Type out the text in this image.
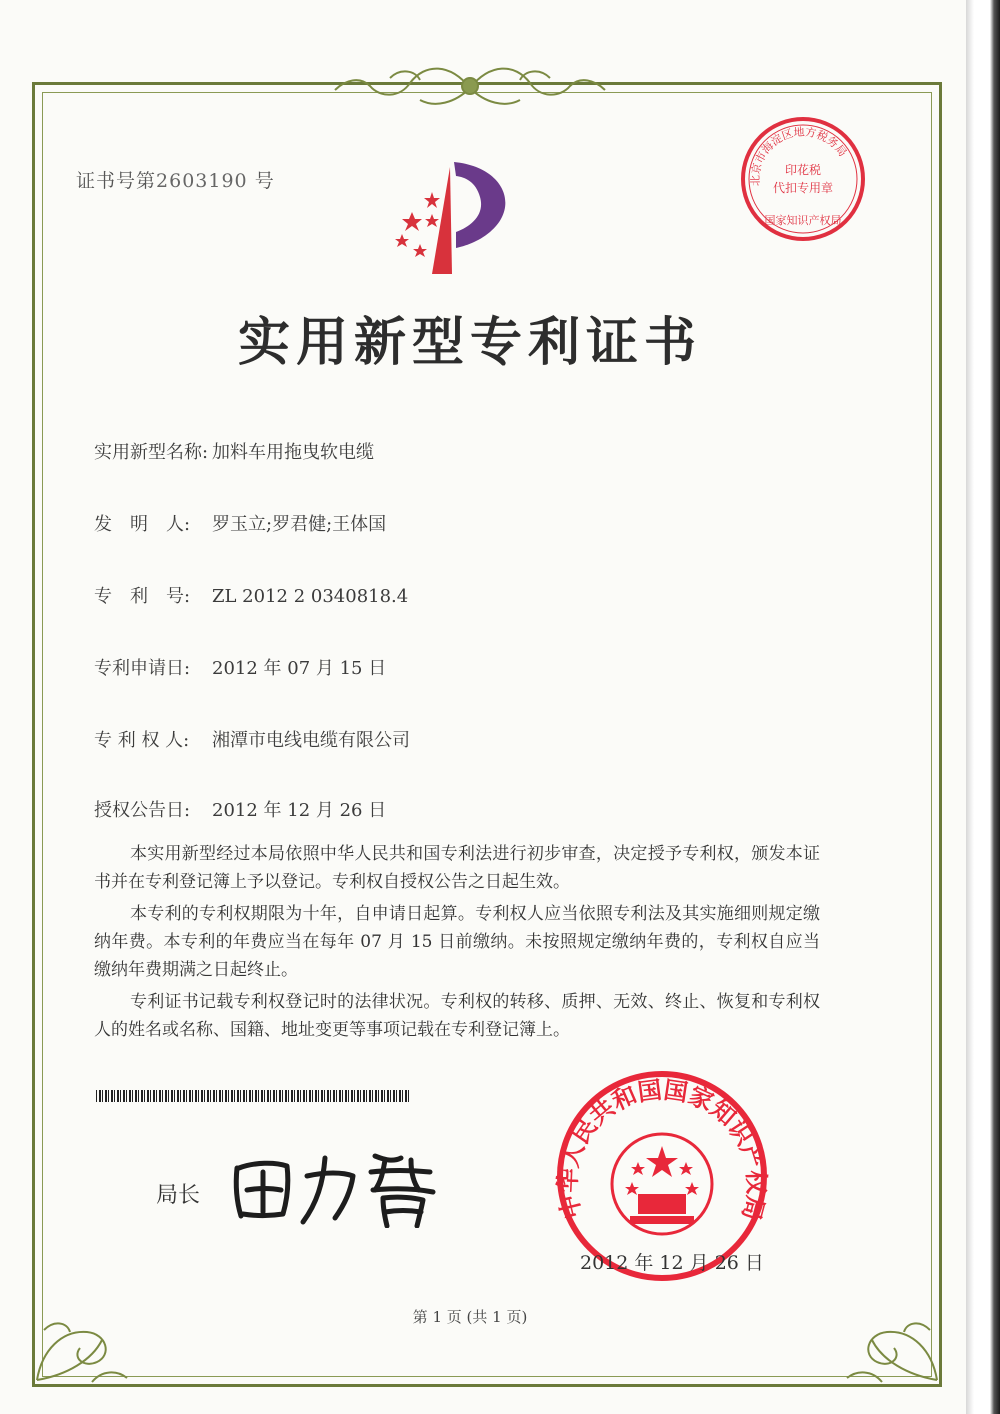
证书号第2603190 号	北京市海淀区地方税务局
印花税
代扣专用章
国家知识产权局
实用新型专利证书
实用新型名称: 加料车用拖曳软电缆
发　明　人: 罗玉立;罗君健;王体国
专　利　号: ZL 2012 2 0340818.4
专利申请日: 2012 年 07 月 15 日
专 利 权 人: 湘潭市电线电缆有限公司
授权公告日: 2012 年 12 月 26 日

本实用新型经过本局依照中华人民共和国专利法进行初步审查，决定授予专利权，颁发本证书并在专利登记簿上予以登记。专利权自授权公告之日起生效。

本专利的专利权期限为十年，自申请日起算。专利权人应当依照专利法及其实施细则规定缴纳年费。本专利的年费应当在每年 07 月 15 日前缴纳。未按照规定缴纳年费的，专利权自应当缴纳年费期满之日起终止。

专利证书记载专利权登记时的法律状况。专利权的转移、质押、无效、终止、恢复和专利权人的姓名或名称、国籍、地址变更等事项记载在专利登记簿上。

局长	中华人民共和国国家知识产权局
2012 年 12 月 26 日
第 1 页 (共 1 页)
